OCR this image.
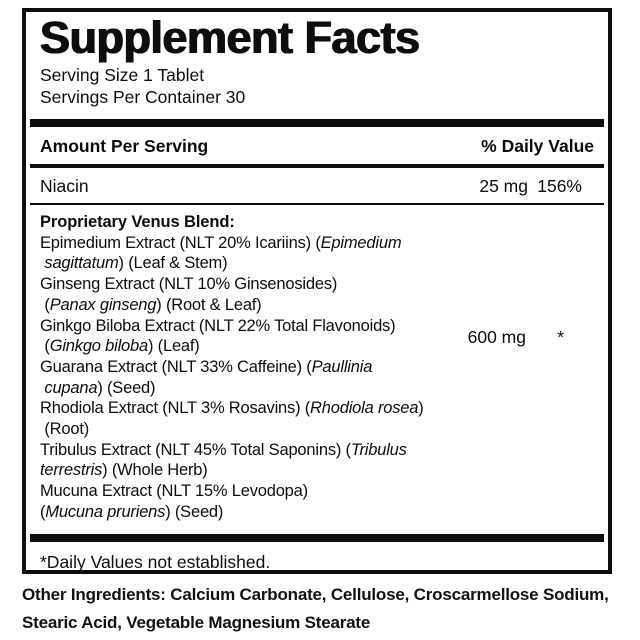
Supplement Facts
Serving Size 1 Tablet
Servings Per Container 30
Amount Per Serving	% Daily Value
Niacin	25 mg 156%
Proprietary Venus Blend:
Epimedium Extract (NLT 20% Icariins) (Epimedium
sagittatum) (Leaf & Stem)
Ginseng Extract (NLT 10% Ginsenosides)
(Panax ginseng) (Root & Leaf)
Ginkgo Biloba Extract (NLT 22% Total Flavonoids)
(Ginkgo biloba) (Leaf)
Guarana Extract (NLT 33% Caffeine) (Paullinia
cupana) (Seed)
Rhodiola Extract (NLT 3% Rosavins) (Rhodiola rosea)
(Root)
Tribulus Extract (NLT 45% Total Saponins) (Tribulus
terrestris) (Whole Herb)
Mucuna Extract (NLT 15% Levodopa)
(Mucuna pruriens) (Seed)
600 mg *
*Daily Values not established.
Other Ingredients: Calcium Carbonate, Cellulose, Croscarmellose Sodium,
Stearic Acid, Vegetable Magnesium Stearate
